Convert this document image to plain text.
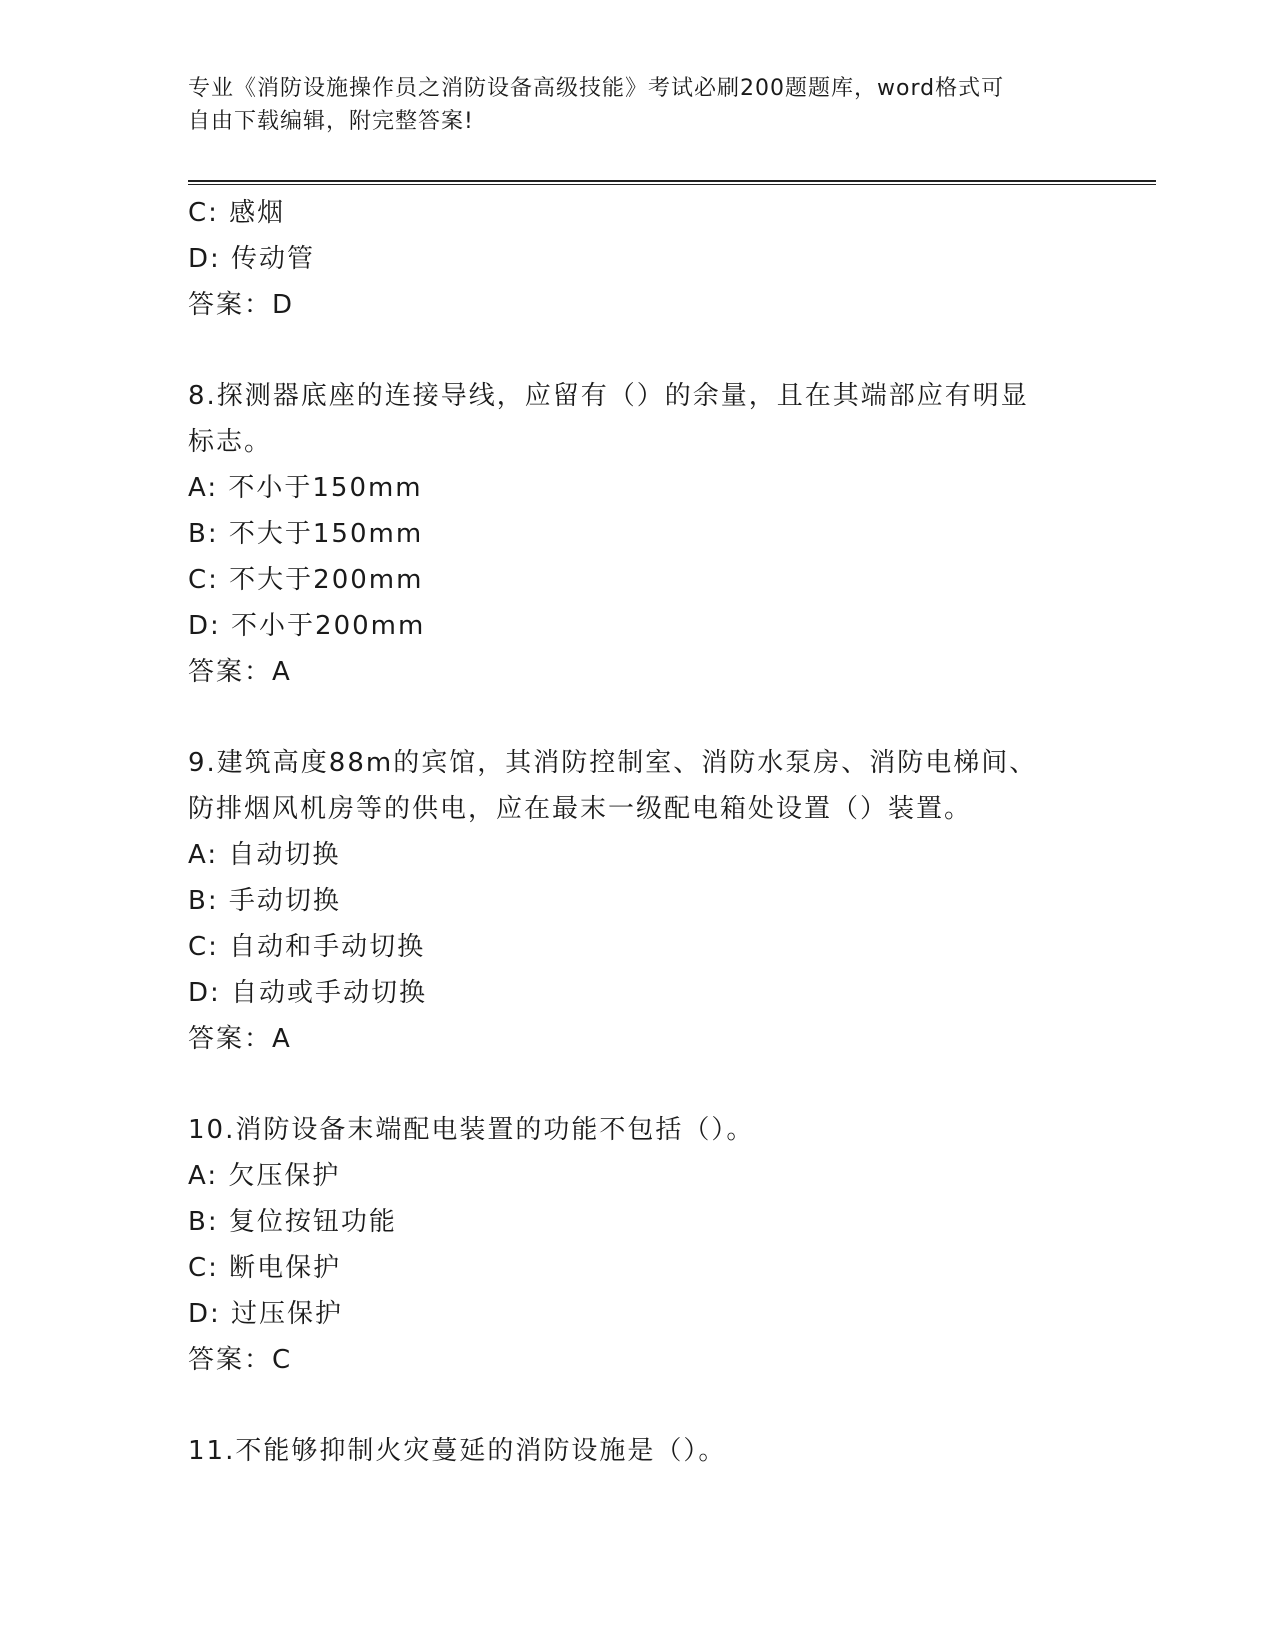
专业《消防设施操作员之消防设备高级技能》考试必刷200题题库，word格式可
自由下载编辑，附完整答案!
C: 感烟
D: 传动管
答案：D
8.探测器底座的连接导线，应留有（）的余量，且在其端部应有明显
标志。
A: 不小于150mm
B: 不大于150mm
C: 不大于200mm
D: 不小于200mm
答案：A
9.建筑高度88m的宾馆，其消防控制室、消防水泵房、消防电梯间、
防排烟风机房等的供电，应在最末一级配电箱处设置（）装置。
A: 自动切换
B: 手动切换
C: 自动和手动切换
D: 自动或手动切换
答案：A
10.消防设备末端配电装置的功能不包括（）。
A: 欠压保护
B: 复位按钮功能
C: 断电保护
D: 过压保护
答案：C
11.不能够抑制火灾蔓延的消防设施是（）。
